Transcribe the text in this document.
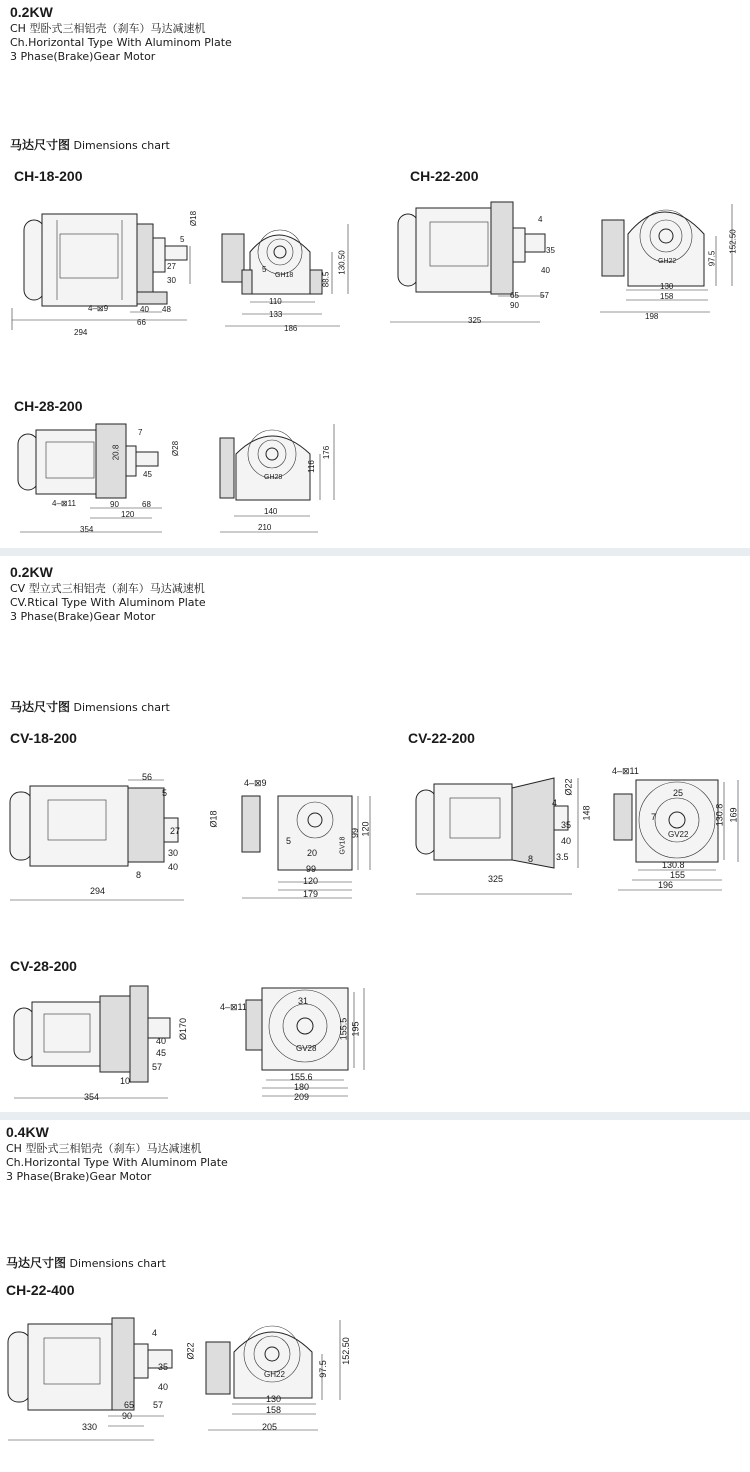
0.2KW
CH 型卧式三相铝壳（刹车）马达减速机
Ch.Horizontal Type With Aluminom Plate
3 Phase(Brake)Gear Motor
马达尺寸图 Dimensions chart
CH-18-200
294
66
40 48
27
30
5
Ø18
4–⊠9
110
133
186
88.5
130.50
5
GH18
CH-22-200
325
65
90
57
35
40
4
130
158
198
97.5
152.50
GH22
CH-28-200
354
120
90	68
45
7
Ø28
20.8
4–⊠11
140
210
116
176
GH28
0.2KW
CV 型立式三相铝壳（刹车）马达减速机
CV.Rtical Type With Aluminom Plate
3 Phase(Brake)Gear Motor
马达尺寸图 Dimensions chart
CV-18-200
294
56
40
30
27
5
8
Ø18
4–⊠9
99
120
179
99 120
5
20	GV18
CV-22-200
325
35
40
8	3.5
148
4
Ø22
4–⊠11
130.8
155
196
130.8 169
7
25
GV22
CV-28-200
354
40
45
57
10
Ø170
4–⊠11
155.6
180
209
155.5 195
31
GV28
0.4KW
CH 型卧式三相铝壳（刹车）马达减速机
Ch.Horizontal Type With Aluminom Plate
3 Phase(Brake)Gear Motor
马达尺寸图 Dimensions chart
CH-22-400
330
65
90
57
35
40
4
Ø22
130
158
205
97.5
152.50
GH22
